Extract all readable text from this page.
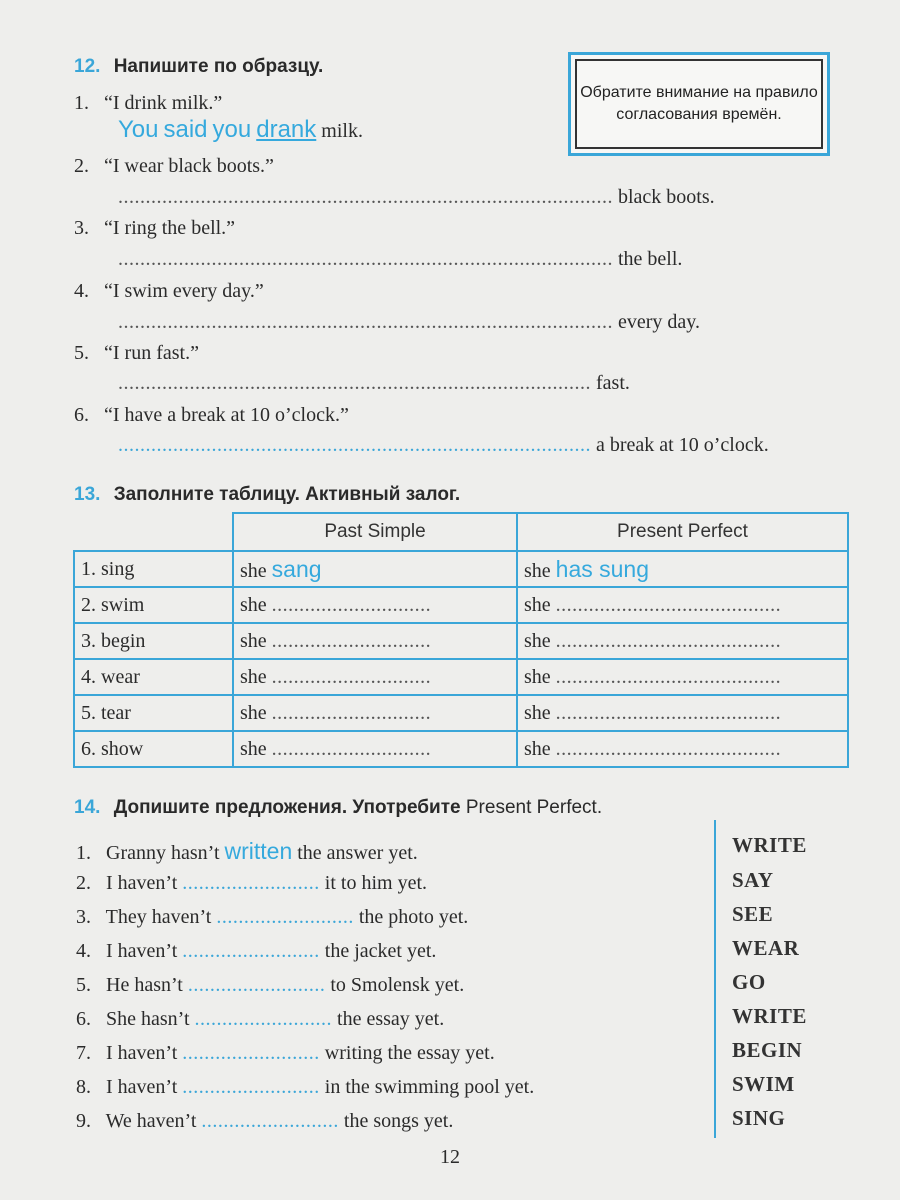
12. Напишите по образцу.
Обратите внимание на правило согласования времён.
1. “I drink milk.”
You said you drank milk.
2. “I wear black boots.”
.......................................................................................... black boots.
3. “I ring the bell.”
.......................................................................................... the bell.
4. “I swim every day.”
.......................................................................................... every day.
5. “I run fast.”
...................................................................................... fast.
6. “I have a break at 10 o’clock.”
...................................................................................... a break at 10 o’clock.
13. Заполните таблицу. Активный залог.
	Past Simple	Present Perfect
1. sing	she sang	she has sung
2. swim	she .............................	she .........................................
3. begin	she .............................	she .........................................
4. wear	she .............................	she .........................................
5. tear	she .............................	she .........................................
6. show	she .............................	she .........................................
14. Допишите предложения. Употребите Present Perfect.
1. Granny hasn’t written the answer yet.	WRITE
2. I haven’t ......................... it to him yet.	SAY
3. They haven’t ......................... the photo yet.	SEE
4. I haven’t ......................... the jacket yet.	WEAR
5. He hasn’t ......................... to Smolensk yet.	GO
6. She hasn’t ......................... the essay yet.	WRITE
7. I haven’t ......................... writing the essay yet.	BEGIN
8. I haven’t ......................... in the swimming pool yet.	SWIM
9. We haven’t ......................... the songs yet.	SING
12
